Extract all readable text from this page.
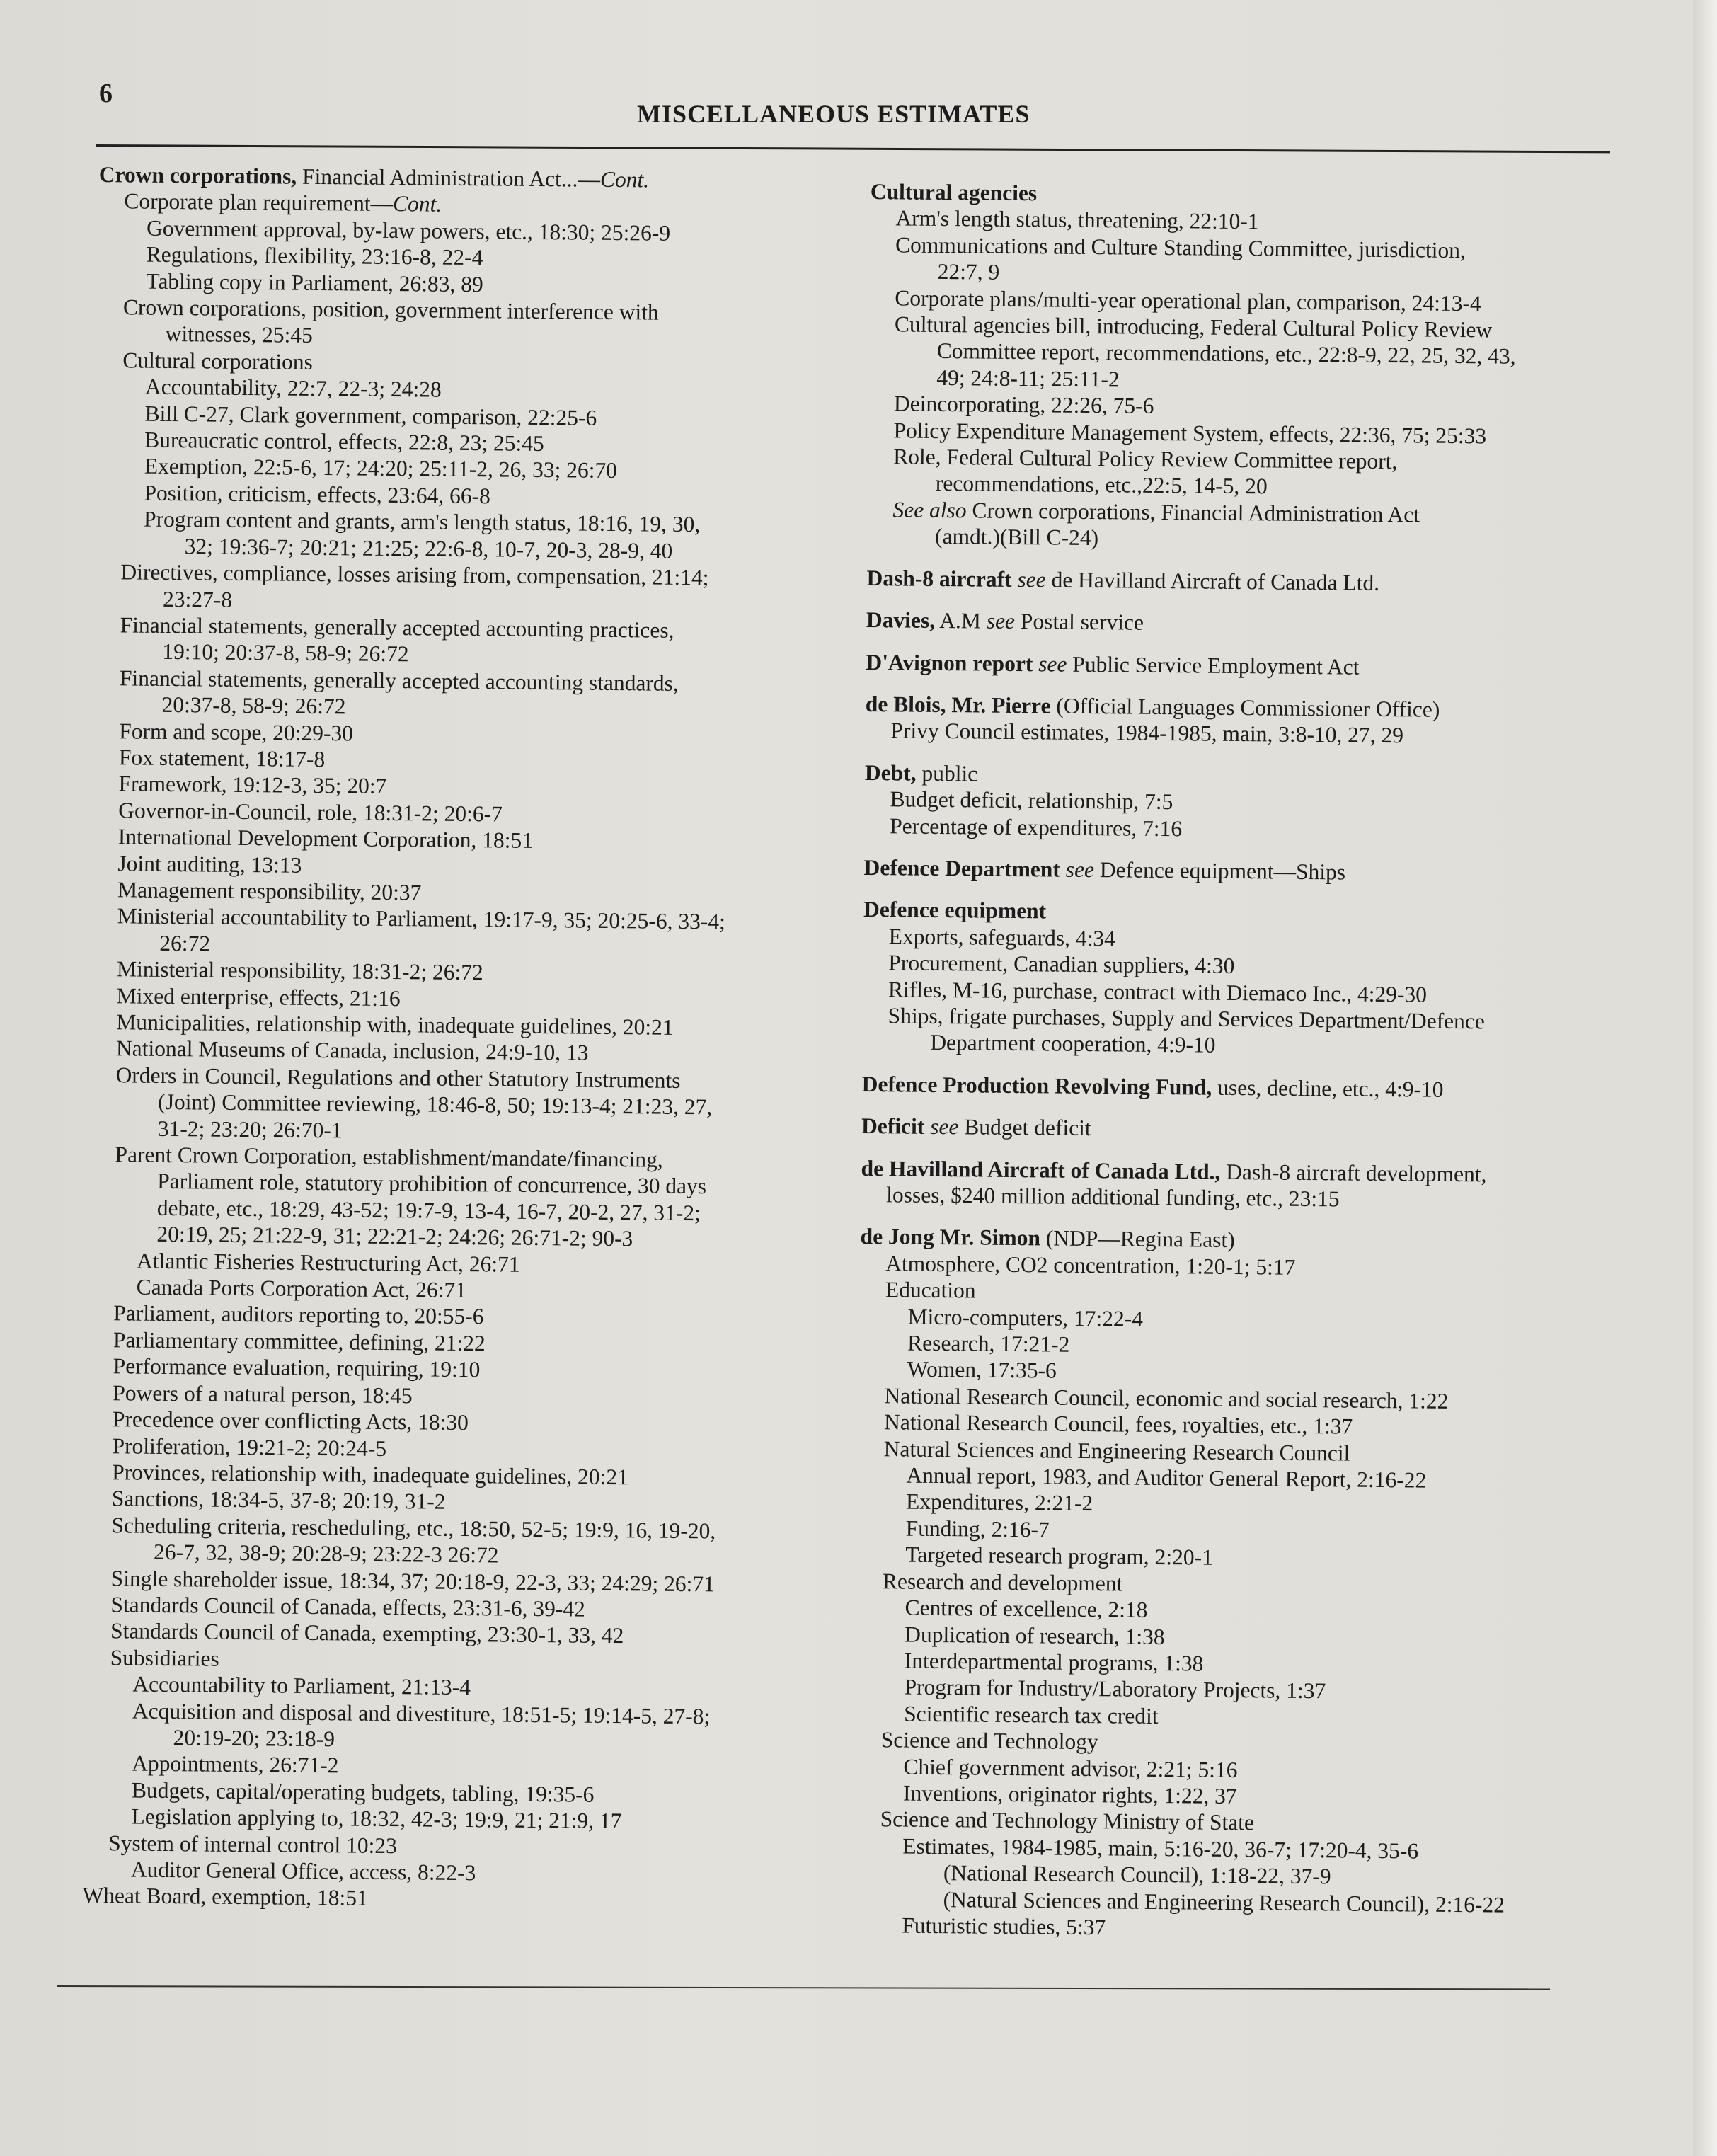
6
MISCELLANEOUS ESTIMATES
Crown corporations, Financial Administration Act...—Cont.
Corporate plan requirement—Cont.
Government approval, by-law powers, etc., 18:30; 25:26-9
Regulations, flexibility, 23:16-8, 22-4
Tabling copy in Parliament, 26:83, 89
Crown corporations, position, government interference with
witnesses, 25:45
Cultural corporations
Accountability, 22:7, 22-3; 24:28
Bill C-27, Clark government, comparison, 22:25-6
Bureaucratic control, effects, 22:8, 23; 25:45
Exemption, 22:5-6, 17; 24:20; 25:11-2, 26, 33; 26:70
Position, criticism, effects, 23:64, 66-8
Program content and grants, arm's length status, 18:16, 19, 30,
32; 19:36-7; 20:21; 21:25; 22:6-8, 10-7, 20-3, 28-9, 40
Directives, compliance, losses arising from, compensation, 21:14;
23:27-8
Financial statements, generally accepted accounting practices,
19:10; 20:37-8, 58-9; 26:72
Financial statements, generally accepted accounting standards,
20:37-8, 58-9; 26:72
Form and scope, 20:29-30
Fox statement, 18:17-8
Framework, 19:12-3, 35; 20:7
Governor-in-Council, role, 18:31-2; 20:6-7
International Development Corporation, 18:51
Joint auditing, 13:13
Management responsibility, 20:37
Ministerial accountability to Parliament, 19:17-9, 35; 20:25-6, 33-4;
26:72
Ministerial responsibility, 18:31-2; 26:72
Mixed enterprise, effects, 21:16
Municipalities, relationship with, inadequate guidelines, 20:21
National Museums of Canada, inclusion, 24:9-10, 13
Orders in Council, Regulations and other Statutory Instruments
(Joint) Committee reviewing, 18:46-8, 50; 19:13-4; 21:23, 27,
31-2; 23:20; 26:70-1
Parent Crown Corporation, establishment/mandate/financing,
Parliament role, statutory prohibition of concurrence, 30 days
debate, etc., 18:29, 43-52; 19:7-9, 13-4, 16-7, 20-2, 27, 31-2;
20:19, 25; 21:22-9, 31; 22:21-2; 24:26; 26:71-2; 90-3
Atlantic Fisheries Restructuring Act, 26:71
Canada Ports Corporation Act, 26:71
Parliament, auditors reporting to, 20:55-6
Parliamentary committee, defining, 21:22
Performance evaluation, requiring, 19:10
Powers of a natural person, 18:45
Precedence over conflicting Acts, 18:30
Proliferation, 19:21-2; 20:24-5
Provinces, relationship with, inadequate guidelines, 20:21
Sanctions, 18:34-5, 37-8; 20:19, 31-2
Scheduling criteria, rescheduling, etc., 18:50, 52-5; 19:9, 16, 19-20,
26-7, 32, 38-9; 20:28-9; 23:22-3 26:72
Single shareholder issue, 18:34, 37; 20:18-9, 22-3, 33; 24:29; 26:71
Standards Council of Canada, effects, 23:31-6, 39-42
Standards Council of Canada, exempting, 23:30-1, 33, 42
Subsidiaries
Accountability to Parliament, 21:13-4
Acquisition and disposal and divestiture, 18:51-5; 19:14-5, 27-8;
20:19-20; 23:18-9
Appointments, 26:71-2
Budgets, capital/operating budgets, tabling, 19:35-6
Legislation applying to, 18:32, 42-3; 19:9, 21; 21:9, 17
System of internal control 10:23
Auditor General Office, access, 8:22-3
Wheat Board, exemption, 18:51
Cultural agencies
Arm's length status, threatening, 22:10-1
Communications and Culture Standing Committee, jurisdiction,
22:7, 9
Corporate plans/multi-year operational plan, comparison, 24:13-4
Cultural agencies bill, introducing, Federal Cultural Policy Review
Committee report, recommendations, etc., 22:8-9, 22, 25, 32, 43,
49; 24:8-11; 25:11-2
Deincorporating, 22:26, 75-6
Policy Expenditure Management System, effects, 22:36, 75; 25:33
Role, Federal Cultural Policy Review Committee report,
recommendations, etc.,22:5, 14-5, 20
See also Crown corporations, Financial Administration Act
(amdt.)(Bill C-24)
Dash-8 aircraft see de Havilland Aircraft of Canada Ltd.
Davies, A.M see Postal service
D'Avignon report see Public Service Employment Act
de Blois, Mr. Pierre (Official Languages Commissioner Office)
Privy Council estimates, 1984-1985, main, 3:8-10, 27, 29
Debt, public
Budget deficit, relationship, 7:5
Percentage of expenditures, 7:16
Defence Department see Defence equipment—Ships
Defence equipment
Exports, safeguards, 4:34
Procurement, Canadian suppliers, 4:30
Rifles, M-16, purchase, contract with Diemaco Inc., 4:29-30
Ships, frigate purchases, Supply and Services Department/Defence
Department cooperation, 4:9-10
Defence Production Revolving Fund, uses, decline, etc., 4:9-10
Deficit see Budget deficit
de Havilland Aircraft of Canada Ltd., Dash-8 aircraft development,
losses, $240 million additional funding, etc., 23:15
de Jong Mr. Simon (NDP—Regina East)
Atmosphere, CO2 concentration, 1:20-1; 5:17
Education
Micro-computers, 17:22-4
Research, 17:21-2
Women, 17:35-6
National Research Council, economic and social research, 1:22
National Research Council, fees, royalties, etc., 1:37
Natural Sciences and Engineering Research Council
Annual report, 1983, and Auditor General Report, 2:16-22
Expenditures, 2:21-2
Funding, 2:16-7
Targeted research program, 2:20-1
Research and development
Centres of excellence, 2:18
Duplication of research, 1:38
Interdepartmental programs, 1:38
Program for Industry/Laboratory Projects, 1:37
Scientific research tax credit
Science and Technology
Chief government advisor, 2:21; 5:16
Inventions, originator rights, 1:22, 37
Science and Technology Ministry of State
Estimates, 1984-1985, main, 5:16-20, 36-7; 17:20-4, 35-6
(National Research Council), 1:18-22, 37-9
(Natural Sciences and Engineering Research Council), 2:16-22
Futuristic studies, 5:37
